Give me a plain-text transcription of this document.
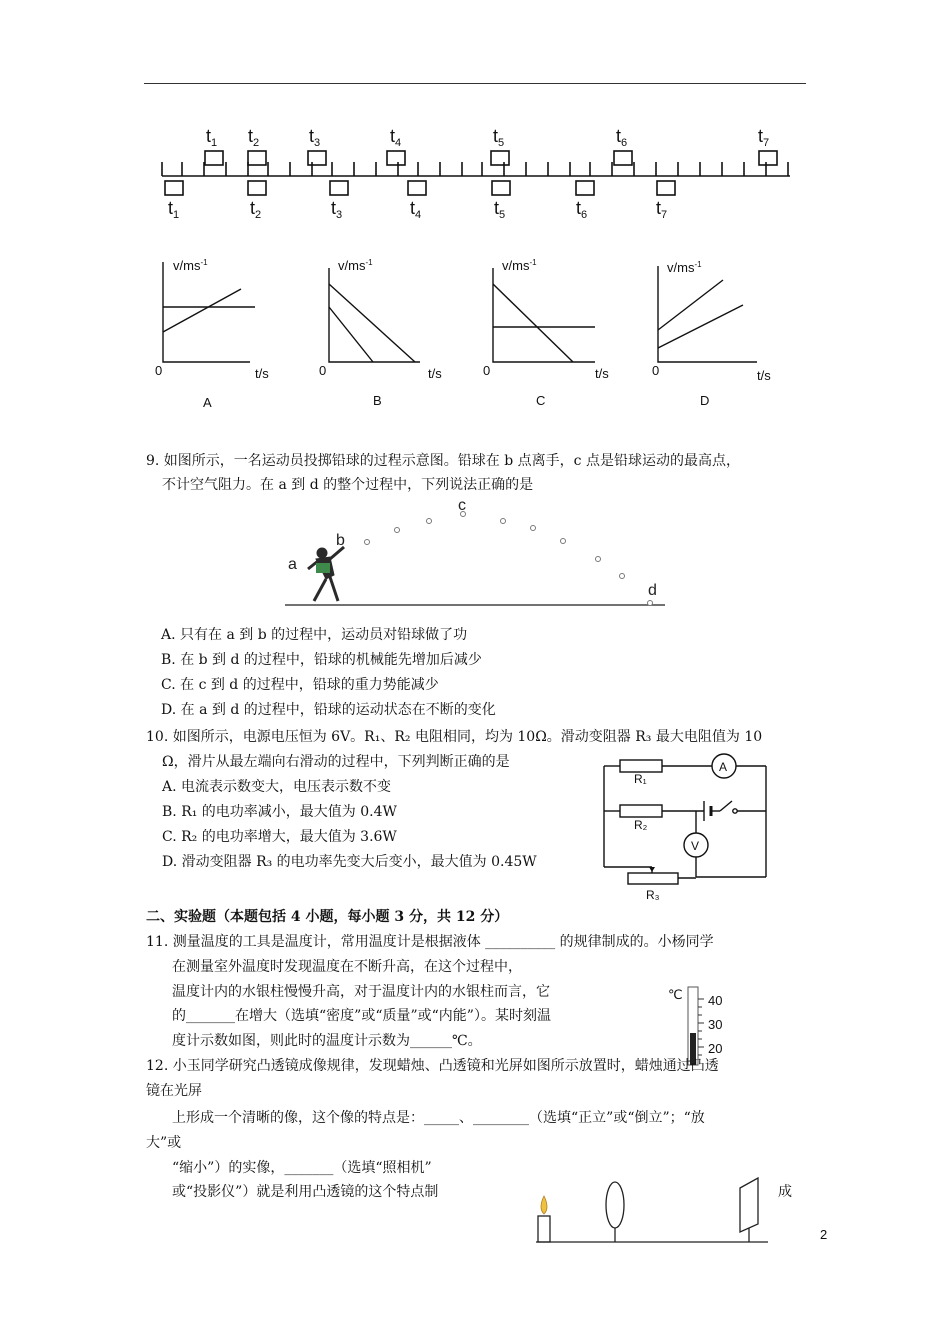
$t_1$ $t_2$	$t_3$	$t_4$	$t_5$	$t_6$	$t_7$
$t_1$	$t_2$	$t_3$	$t_4$	$t_5$	$t_6$	$t_7$
$v/ms^{-1}$	$v/ms^{-1}$	$v/ms^{-1}$	$v/ms^{-1}$
0	0	0	0
t/s	t/s	t/s	t/s
A	B	C	D
9. 如图所示，一名运动员投掷铅球的过程示意图。铅球在 b 点离手，c 点是铅球运动的最高点，
不计空气阻力。在 a 到 d 的整个过程中，下列说法正确的是
a
b
c
d
A. 只有在 a 到 b 的过程中，运动员对铅球做了功
B. 在 b 到 d 的过程中，铅球的机械能先增加后减少
C. 在 c 到 d 的过程中，铅球的重力势能减少
D. 在 a 到 d 的过程中，铅球的运动状态在不断的变化
10. 如图所示，电源电压恒为 6V。R₁、R₂ 电阻相同，均为 10Ω。滑动变阻器 R₃ 最大电阻值为 10
Ω，滑片从最左端向右滑动的过程中，下列判断正确的是
A. 电流表示数变大，电压表示数不变
B. R₁ 的电功率减小，最大值为 0.4W
C. R₂ 的电功率增大，最大值为 3.6W
D. 滑动变阻器 R₃ 的电功率先变大后变小，最大值为 0.45W
R₁
R₂
R₃
A
V
二、实验题（本题包括 4 小题，每小题 3 分，共 12 分）
11. 测量温度的工具是温度计，常用温度计是根据液体 __________ 的规律制成的。小杨同学
在测量室外温度时发现温度在不断升高，在这个过程中，
温度计内的水银柱慢慢升高，对于温度计内的水银柱而言，它
的_______在增大（选填“密度”或“质量”或“内能”）。某时刻温
度计示数如图，则此时的温度计示数为______℃。
℃ 40
30
20
12. 小玉同学研究凸透镜成像规律，发现蜡烛、凸透镜和光屏如图所示放置时，蜡烛通过凸透
镜在光屏
上形成一个清晰的像，这个像的特点是：_____、________（选填“正立”或“倒立”；“放
大”或
“缩小”）的实像，_______（选填“照相机”
或“投影仪”）就是利用凸透镜的这个特点制	成
2
